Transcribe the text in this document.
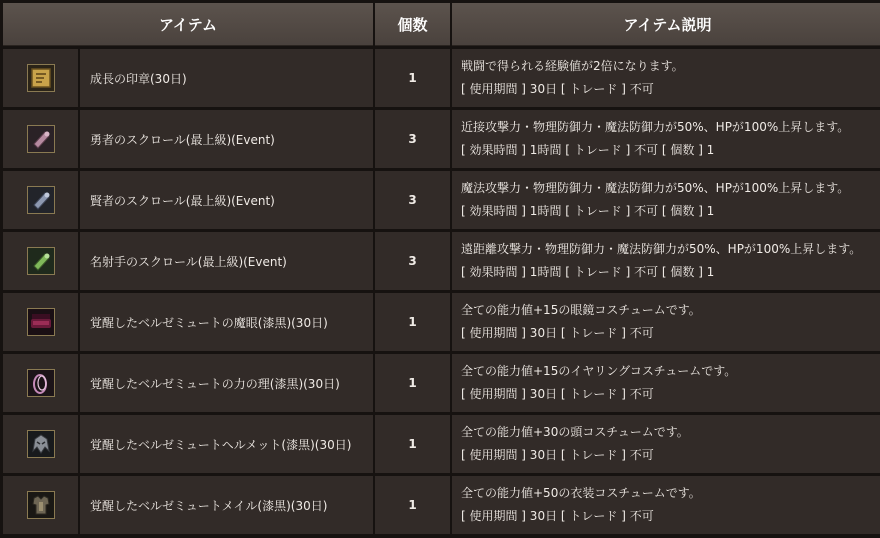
アイテム	個数	アイテム説明
成長の印章(30日)	1
戦闘で得られる経験値が2倍になります。
[ 使用期間 ] 30日 [ トレード ] 不可
勇者のスクロール(最上級)(Event)	3
近接攻撃力・物理防御力・魔法防御力が50%、HPが100%上昇します。
[ 効果時間 ] 1時間 [ トレード ] 不可 [ 個数 ] 1
賢者のスクロール(最上級)(Event)	3
魔法攻撃力・物理防御力・魔法防御力が50%、HPが100%上昇します。
[ 効果時間 ] 1時間 [ トレード ] 不可 [ 個数 ] 1
名射手のスクロール(最上級)(Event)	3
遠距離攻撃力・物理防御力・魔法防御力が50%、HPが100%上昇します。
[ 効果時間 ] 1時間 [ トレード ] 不可 [ 個数 ] 1
覚醒したベルゼミュートの魔眼(漆黒)(30日)	1
全ての能力値+15の眼鏡コスチュームです。
[ 使用期間 ] 30日 [ トレード ] 不可
覚醒したベルゼミュートの力の理(漆黒)(30日)	1
全ての能力値+15のイヤリングコスチュームです。
[ 使用期間 ] 30日 [ トレード ] 不可
覚醒したベルゼミュートヘルメット(漆黒)(30日)	1
全ての能力値+30の頭コスチュームです。
[ 使用期間 ] 30日 [ トレード ] 不可
覚醒したベルゼミュートメイル(漆黒)(30日)	1
全ての能力値+50の衣装コスチュームです。
[ 使用期間 ] 30日 [ トレード ] 不可
